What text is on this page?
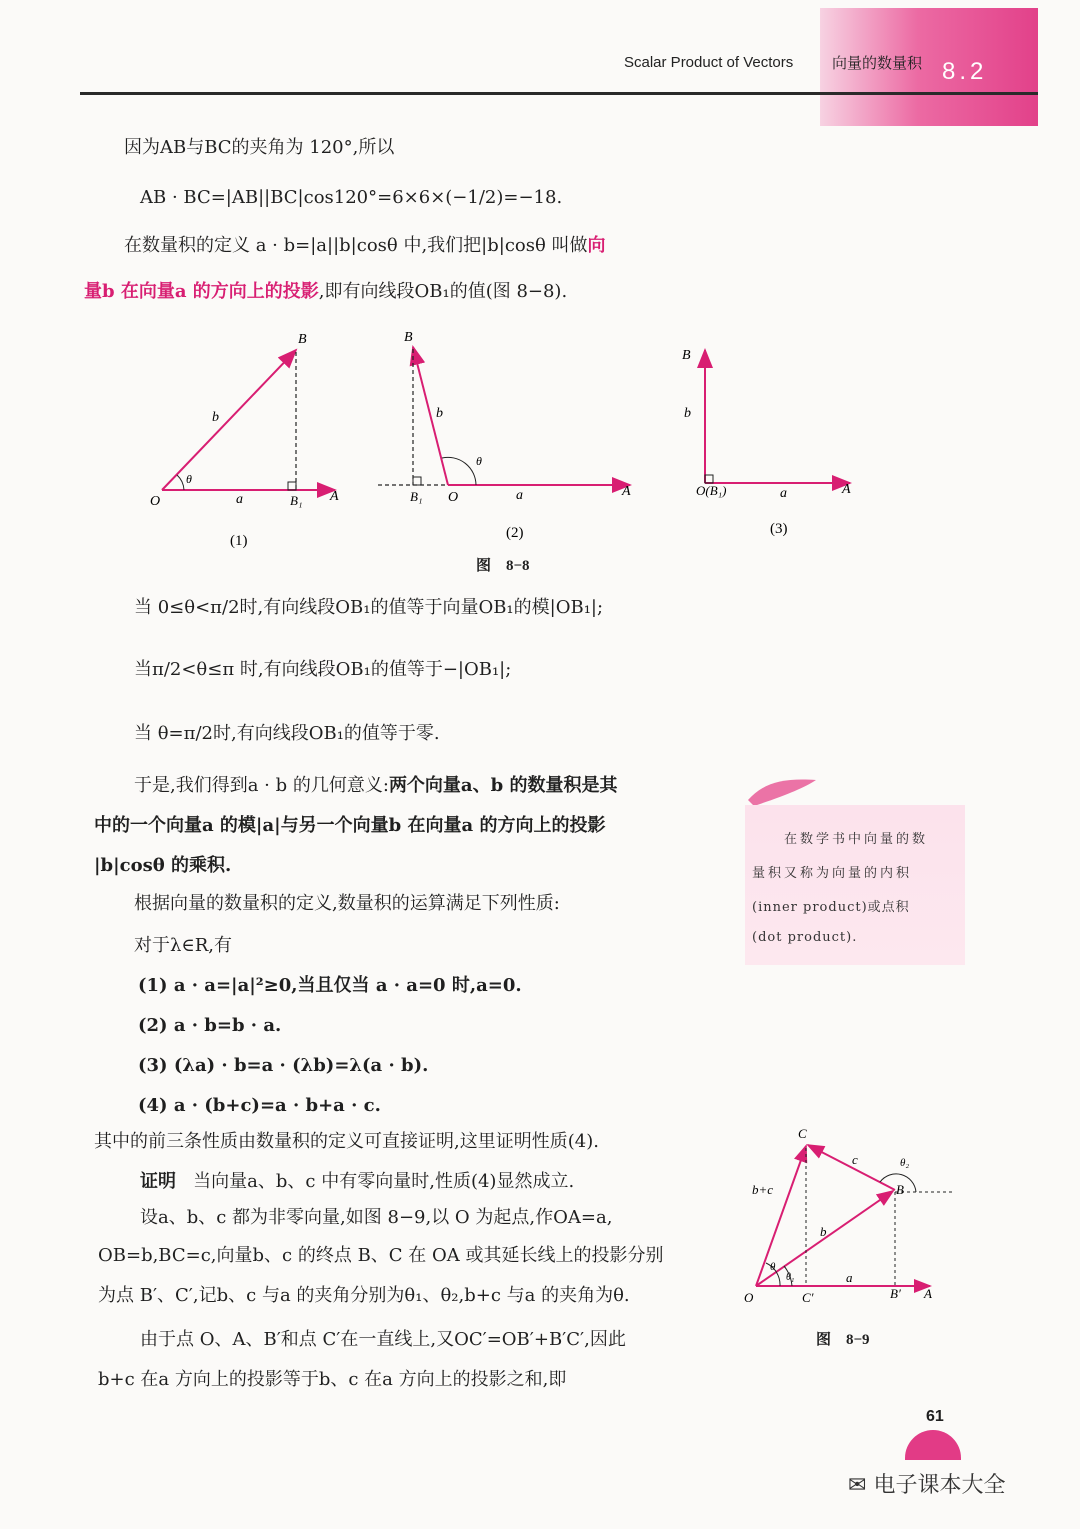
Scalar Product of Vectors	向量的数量积 8.2
因为AB与BC的夹角为 120°,所以
AB · BC=|AB||BC|cos120°=6×6×(−1/2)=−18.
在数量积的定义 a · b=|a||b|cosθ 中,我们把|b|cosθ 叫做向
量b 在向量a 的方向上的投影,即有向线段OB₁的值(图 8−8).
B
O	A
B₁
a
b
θ
(1)
B
O	A
B₁	a
b
θ
(2)
B
O(B₁)	A
a
b
(3)
图　8−8
当 0≤θ<π/2时,有向线段OB₁的值等于向量OB₁的模|OB₁|;
当π/2<θ≤π 时,有向线段OB₁的值等于−|OB₁|;
当 θ=π/2时,有向线段OB₁的值等于零.
于是,我们得到a · b 的几何意义:两个向量a、b 的数量积是其
中的一个向量a 的模|a|与另一个向量b 在向量a 的方向上的投影
|b|cosθ 的乘积.
根据向量的数量积的定义,数量积的运算满足下列性质:
对于λ∈R,有
(1) a · a=|a|²≥0,当且仅当 a · a=0 时,a=0.
(2) a · b=b · a.
(3) (λa) · b=a · (λb)=λ(a · b).
(4) a · (b+c)=a · b+a · c.
其中的前三条性质由数量积的定义可直接证明,这里证明性质(4).
证明 当向量a、b、c 中有零向量时,性质(4)显然成立.
设a、b、c 都为非零向量,如图 8−9,以 O 为起点,作OA=a,
OB=b,BC=c,向量b、c 的终点 B、C 在 OA 或其延长线上的投影分别
为点 B′、C′,记b、c 与a 的夹角分别为θ₁、θ₂,b+c 与a 的夹角为θ.
由于点 O、A、B′和点 C′在一直线上,又OC′=OB′+B′C′,因此
b+c 在a 方向上的投影等于b、c 在a 方向上的投影之和,即
在数学书中向量的数
量积又称为向量的内积
(inner product)或点积
(dot product).
C
B
O	A
C′	B′
a
b
c
b+c
θ
θ₁
θ₂
图　8−9
61
✉ 电子课本大全
